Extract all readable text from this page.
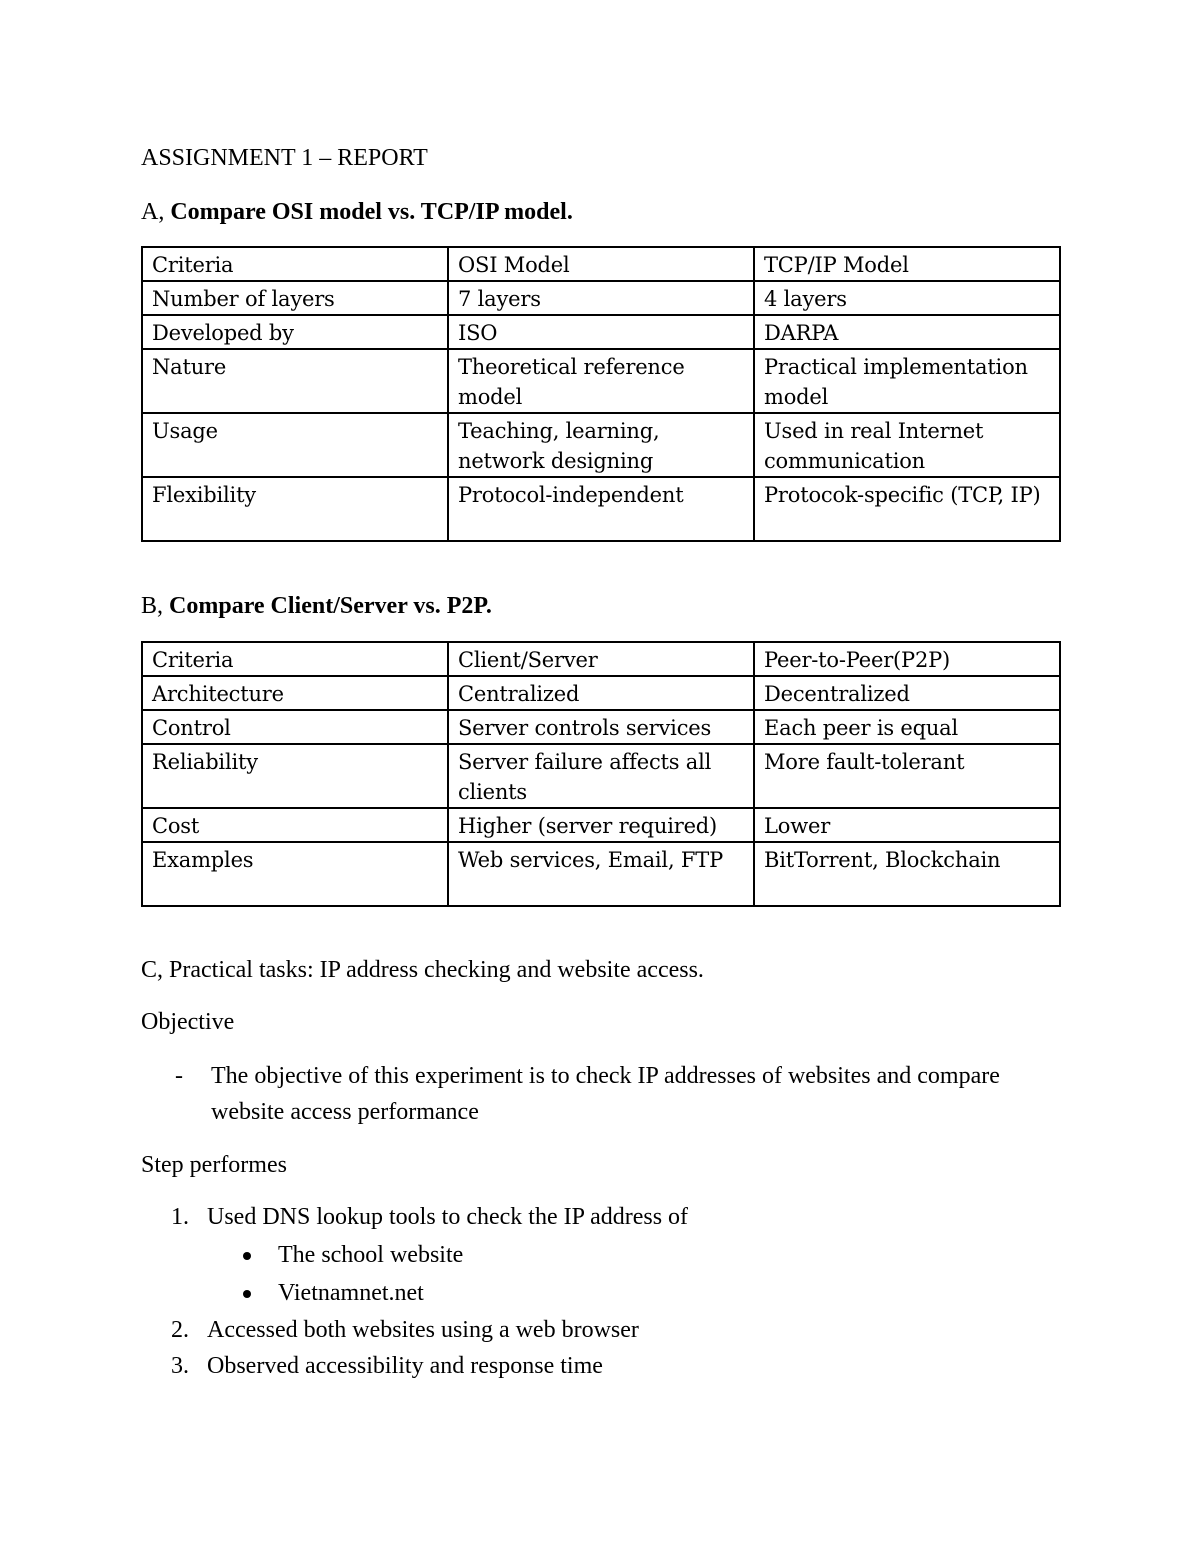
ASSIGNMENT 1 – REPORT
A, Compare OSI model vs. TCP/IP model.
Criteria	OSI Model	TCP/IP Model
Number of layers	7 layers	4 layers
Developed by	ISO	DARPA
Nature	Theoretical reference model	Practical implementation model
Usage	Teaching, learning, network designing	Used in real Internet communication
Flexibility	Protocol-independent	Protocok-specific (TCP, IP)
B, Compare Client/Server vs. P2P.
Criteria	Client/Server	Peer-to-Peer(P2P)
Architecture	Centralized	Decentralized
Control	Server controls services	Each peer is equal
Reliability	Server failure affects all clients	More fault-tolerant
Cost	Higher (server required)	Lower
Examples	Web services, Email, FTP	BitTorrent, Blockchain
C, Practical tasks: IP address checking and website access.
Objective
- The objective of this experiment is to check IP addresses of websites and compare website access performance
Step performes
1. Used DNS lookup tools to check the IP address of
The school website
Vietnamnet.net
2. Accessed both websites using a web browser
3. Observed accessibility and response time
